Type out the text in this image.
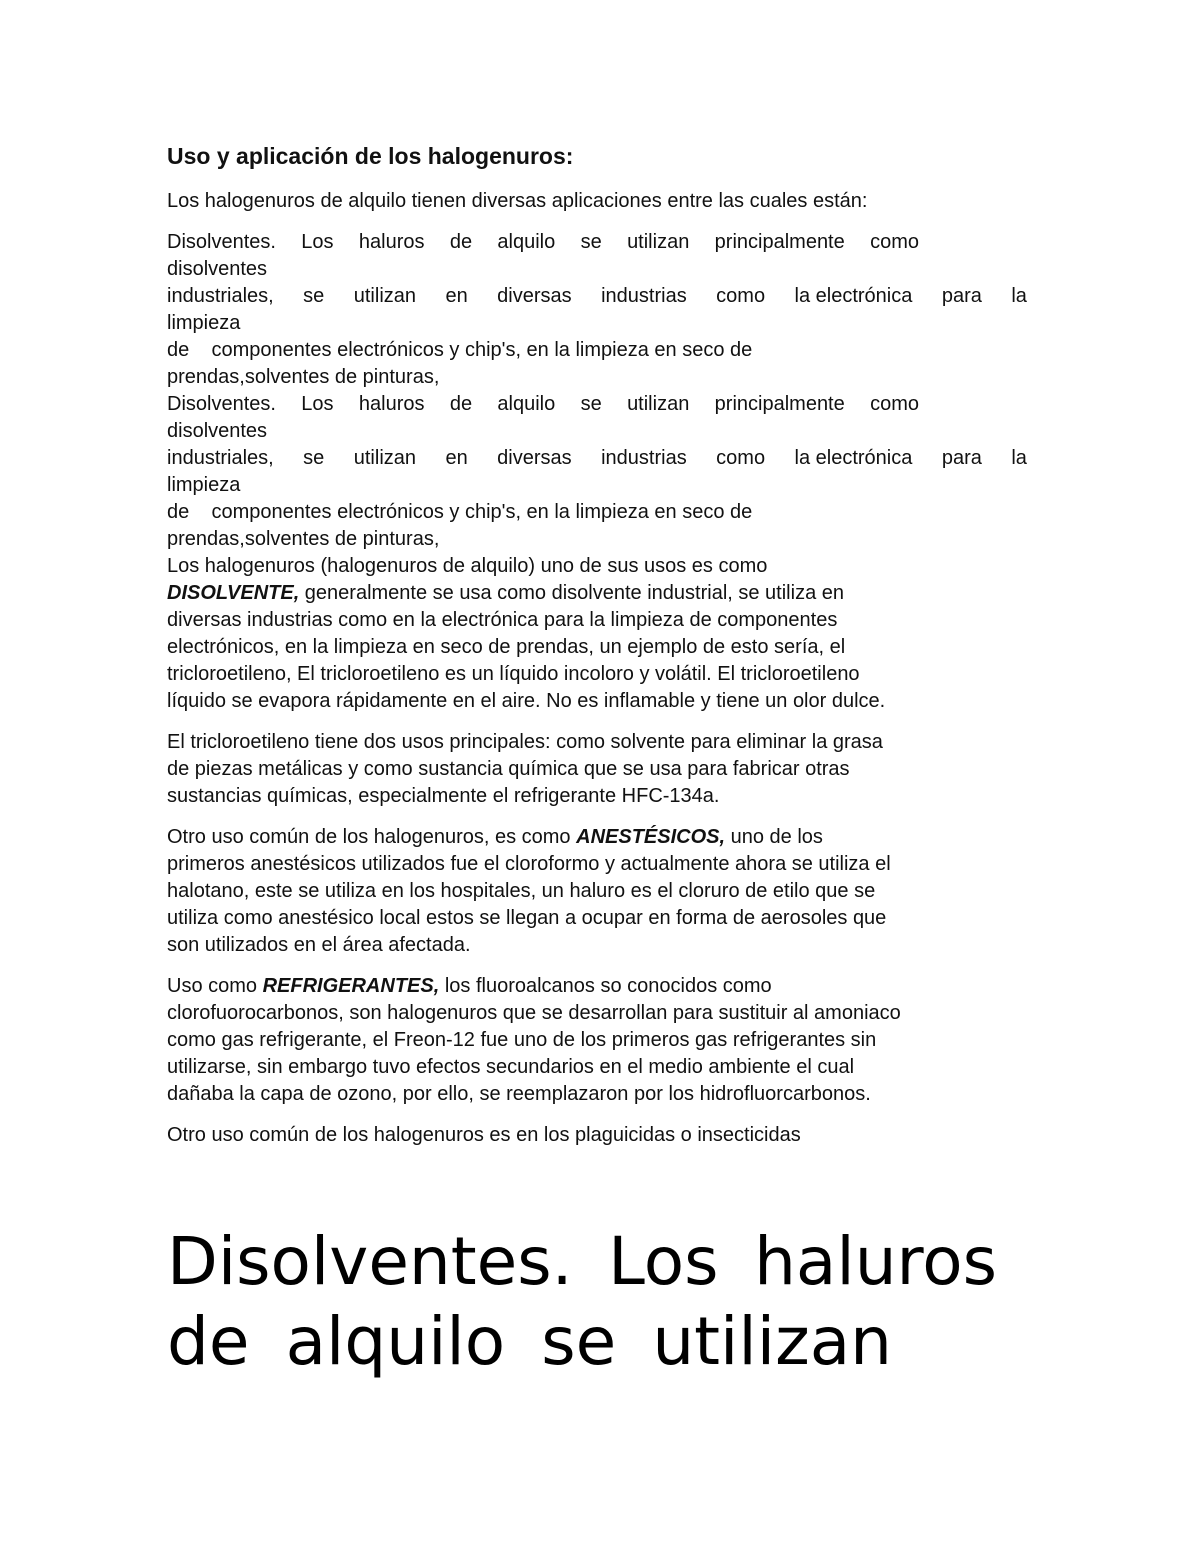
Uso y aplicación de los halogenuros:

Los halogenuros de alquilo tienen diversas aplicaciones entre las cuales están:

Disolventes. Los haluros de alquilo se utilizan principalmente como
disolventes
industriales, se utilizan en diversas industrias como la electrónica para la
limpieza
de    componentes electrónicos y chip's, en la limpieza en seco de
prendas,solventes de pinturas,
Disolventes. Los haluros de alquilo se utilizan principalmente como
disolventes
industriales, se utilizan en diversas industrias como la electrónica para la
limpieza
de    componentes electrónicos y chip's, en la limpieza en seco de
prendas,solventes de pinturas,
Los halogenuros (halogenuros de alquilo) uno de sus usos es como
DISOLVENTE, generalmente se usa como disolvente industrial, se utiliza en
diversas industrias como en la electrónica para la limpieza de componentes
electrónicos, en la limpieza en seco de prendas, un ejemplo de esto sería, el
tricloroetileno, El tricloroetileno es un líquido incoloro y volátil. El tricloroetileno
líquido se evapora rápidamente en el aire. No es inflamable y tiene un olor dulce.
El tricloroetileno tiene dos usos principales: como solvente para eliminar la grasa
de piezas metálicas y como sustancia química que se usa para fabricar otras
sustancias químicas, especialmente el refrigerante HFC-134a.
Otro uso común de los halogenuros, es como ANESTÉSICOS, uno de los
primeros anestésicos utilizados fue el cloroformo y actualmente ahora se utiliza el
halotano, este se utiliza en los hospitales, un haluro es el cloruro de etilo que se
utiliza como anestésico local estos se llegan a ocupar en forma de aerosoles que
son utilizados en el área afectada.
Uso como REFRIGERANTES, los fluoroalcanos so conocidos como
clorofuorocarbonos, son halogenuros que se desarrollan para sustituir al amoniaco
como gas refrigerante, el Freon-12 fue uno de los primeros gas refrigerantes sin
utilizarse, sin embargo tuvo efectos secundarios en el medio ambiente el cual
dañaba la capa de ozono, por ello, se reemplazaron por los hidrofluorcarbonos.

Otro uso común de los halogenuros es en los plaguicidas o insecticidas

Disolventes. Los haluros
de alquilo se utilizan
